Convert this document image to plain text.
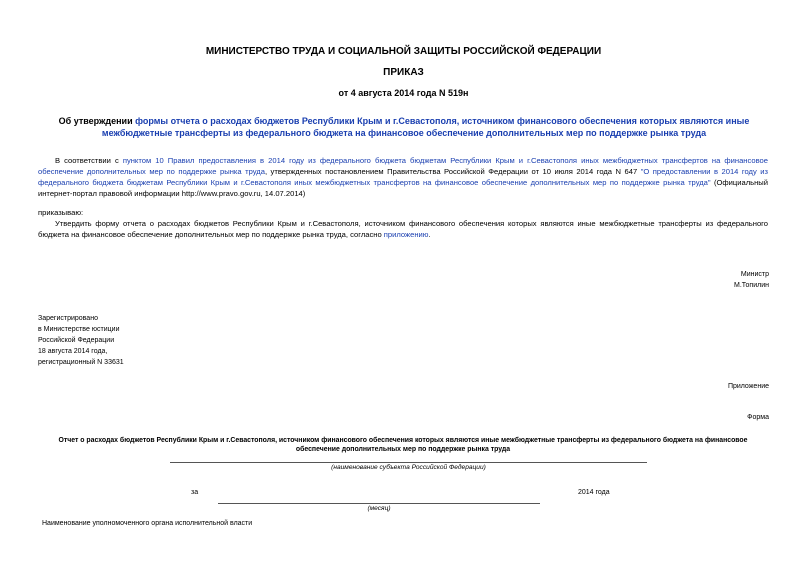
МИНИСТЕРСТВО ТРУДА И СОЦИАЛЬНОЙ ЗАЩИТЫ РОССИЙСКОЙ ФЕДЕРАЦИИ
ПРИКАЗ
от 4 августа 2014 года N 519н
Об утверждении формы отчета о расходах бюджетов Республики Крым и г.Севастополя, источником финансового обеспечения которых являются иные межбюджетные трансферты из федерального бюджета на финансовое обеспечение дополнительных мер по поддержке рынка труда
В соответствии с пунктом 10 Правил предоставления в 2014 году из федерального бюджета бюджетам Республики Крым и г.Севастополя иных межбюджетных трансфертов на финансовое обеспечение дополнительных мер по поддержке рынка труда, утвержденных постановлением Правительства Российской Федерации от 10 июля 2014 года N 647 "О предоставлении в 2014 году из федерального бюджета бюджетам Республики Крым и г.Севастополя иных межбюджетных трансфертов на финансовое обеспечение дополнительных мер по поддержке рынка труда" (Официальный интернет-портал правовой информации http://www.pravo.gov.ru, 14.07.2014)
приказываю:
Утвердить форму отчета о расходах бюджетов Республики Крым и г.Севастополя, источником финансового обеспечения которых являются иные межбюджетные трансферты из федерального бюджета на финансовое обеспечение дополнительных мер по поддержке рынка труда, согласно приложению.
Министр
М.Топилин
Зарегистрировано
в Министерстве юстиции
Российской Федерации
18 августа 2014 года,
регистрационный N 33631
Приложение
Форма
Отчет о расходах бюджетов Республики Крым и г.Севастополя, источником финансового обеспечения которых являются иные межбюджетные трансферты из федерального бюджета на финансовое обеспечение дополнительных мер по поддержке рынка труда
(наименование субъекта Российской Федерации)
за	2014 года
(месяц)
Наименование уполномоченного органа исполнительной власти
